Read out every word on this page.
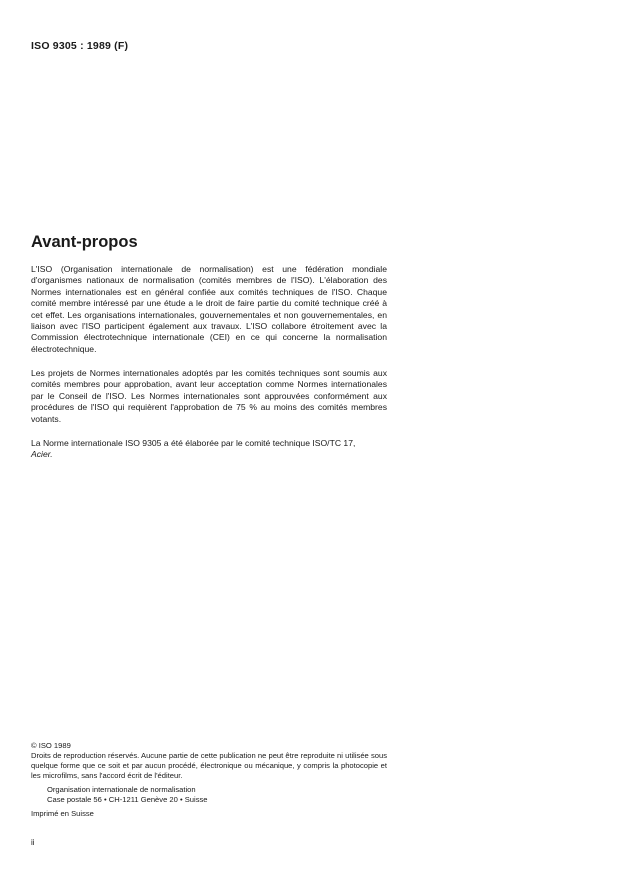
ISO 9305 : 1989 (F)
Avant-propos

L'ISO (Organisation internationale de normalisation) est une fédération mondiale d'organismes nationaux de normalisation (comités membres de l'ISO). L'élaboration des Normes internationales est en général confiée aux comités techniques de l'ISO. Chaque comité membre intéressé par une étude a le droit de faire partie du comité technique créé à cet effet. Les organisations internationales, gouvernementales et non gouvernementales, en liaison avec l'ISO participent également aux travaux. L'ISO collabore étroitement avec la Commission électrotechnique internationale (CEI) en ce qui concerne la normalisation électrotechnique.

Les projets de Normes internationales adoptés par les comités techniques sont soumis aux comités membres pour approbation, avant leur acceptation comme Normes internationales par le Conseil de l'ISO. Les Normes internationales sont approuvées conformément aux procédures de l'ISO qui requièrent l'approbation de 75 % au moins des comités membres votants.

La Norme internationale ISO 9305 a été élaborée par le comité technique ISO/TC 17,
Acier.

© ISO 1989
Droits de reproduction réservés. Aucune partie de cette publication ne peut être reproduite ni utilisée sous quelque forme que ce soit et par aucun procédé, électronique ou mécanique, y compris la photocopie et les microfilms, sans l'accord écrit de l'éditeur.
Organisation internationale de normalisation
Case postale 56 • CH-1211 Genève 20 • Suisse
Imprimé en Suisse
ii
